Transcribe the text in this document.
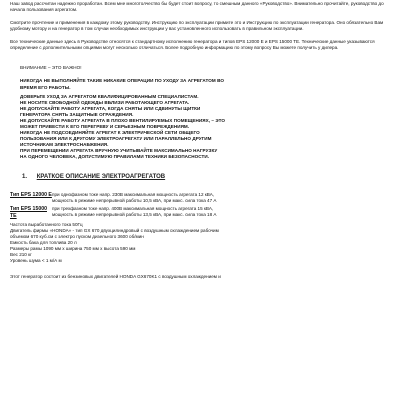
Наш завод рассчитан надежно проработан. Всем мне многотолчество бы будет стоит вопросу, то смешным данного «Руководство». Внимательно прочитайте, руководство до начала пользования агрегатом.

Смотрите прочтение и применения в каждому этому руководству. Инструкцию по эксплуатации примите это и Инструкцию по эксплуатации генератора. Оно обязательно Вам удобному мотору и на генератор в том случаи необходимых инструкции у вас установленного использовать в правильном эксплуатации.

Все технические данные здесь в Руководстве относятся к стандартному исполнению генератора и типов EPS 12000 E и EPS 15000 TE. Технические данные указываются определение с дополнительными опциями могут несколько отличаться. Более подробную информацию по этому вопросу Вы можете получить у дилера.

ВНИМАНИЕ – ЭТО ВАЖНО!

НИКОГДА НЕ ВЫПОЛНЯЙТЕ ТАКИЕ НИКАКИЕ ОПЕРАЦИИ ПО УХОДУ ЗА АГРЕГАТОМ ВО

ВРЕМЯ ЕГО РАБОТЫ.

ДОВЕРЬТЕ УХОД ЗА АГРЕГАТОМ КВАЛИФИЦИРОВАННЫМ СПЕЦИАЛИСТАМ.

НЕ НОСИТЕ СВОБОДНОЙ ОДЕЖДЫ ВБЛИЗИ РАБОТАЮЩЕГО АГРЕГАТА.

НЕ ДОПУСКАЙТЕ РАБОТУ АГРЕГАТА, КОГДА СНЯТЫ ИЛИ СДВИНУТЫ ЩИТКИ

ГЕНЕРАТОРА СНЯТЬ ЗАЩИТНЫЕ ОГРАЖДЕНИЯ.

НЕ ДОПУСКАЙТЕ РАБОТУ АГРЕГАТА В ПЛОХО ВЕНТИЛИРУЕМЫХ ПОМЕЩЕНИЯХ, – ЭТО

МОЖЕТ ПРИВЕСТИ К ЕГО ПЕРЕГРЕВУ И СЕРЬЕЗНЫМ ПОВРЕЖДЕНИЯМ.

НИКОГДА НЕ ПОДСОЕДИНЯЙТЕ АГРЕГАТ К ЭЛЕКТРИЧЕСКОЙ СЕТИ ОБЩЕГО

ПОЛЬЗОВАНИЯ ИЛИ К ДРУГОМУ ЭЛЕКТРОАГРЕГАТУ ИЛИ ПАРАЛЛЕЛЬНО ДРУГИМ

ИСТОЧНИКАМ ЭЛЕКТРОСНАБЖЕНИЯ.

ПРИ ПЕРЕМЕЩЕНИИ АГРЕГАТА ВРУЧНУЮ УЧИТЫВАЙТЕ МАКСИМАЛЬНО НАГРУЗКУ

НА ОДНОГО ЧЕЛОВЕКА, ДОПУСТИМУЮ ПРАВИЛАМИ ТЕХНИКИ БЕЗОПАСНОСТИ.

1. КРАТКОЕ ОПИСАНИЕ ЭЛЕКТРОАГРЕГАТОВ
Тип EPS 12000 E при однофазном токе напр. 230В максимальная мощность агрегата 12 кВА,

мощность в режиме непрерывной работы 10,5 кВА, при макс. сила тока 47 А

Тип EPS 15000 TE

при трехфазном токе напр. 400В максимальная мощность агрегата 15 кВА,

мощность в режиме непрерывной работы 13,5 кВА, при макс. сила тока 18 А

Частота выработанного тока 50Гц

Двигатель фирмы «HONDA» - тип GX 670 двухцилиндровый с воздушным охлаждением рабочим

объемом 670 куб.см с электро пуском дизельного 3600 об/мин

Емкость бака для топлива 20 л

Размеры рамы 1090 мм x ширина 750 мм x высота 590 мм

Вес 210 кг

Уровень шума < 1 м/А м

Этот генератор состоит из бензиновых двигателей HONDA GX670K1 с воздушным охлаждением и
